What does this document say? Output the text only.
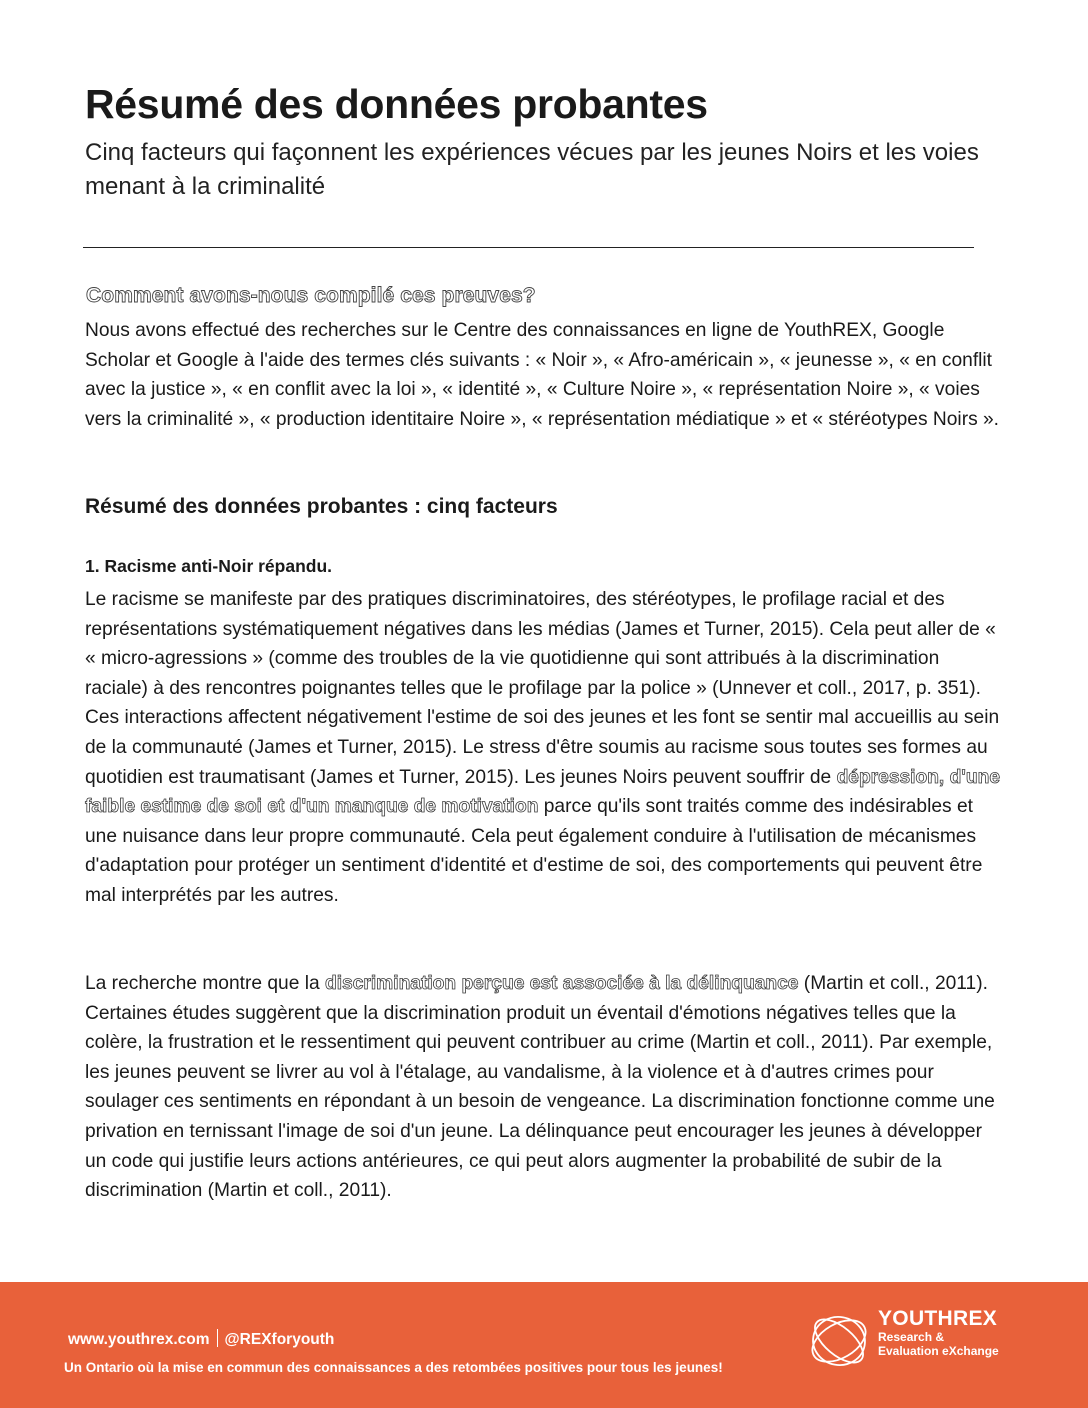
Résumé des données probantes

Cinq facteurs qui façonnent les expériences vécues par les jeunes Noirs et les voies menant à la criminalité

Comment avons-nous compilé ces preuves?

Nous avons effectué des recherches sur le Centre des connaissances en ligne de YouthREX, Google Scholar et Google à l'aide des termes clés suivants : « Noir », « Afro-américain », « jeunesse », « en conflit avec la justice », « en conflit avec la loi », « identité », « Culture Noire », « représentation Noire », « voies vers la criminalité », « production identitaire Noire », « représentation médiatique » et « stéréotypes Noirs ».

Résumé des données probantes : cinq facteurs
1. Racisme anti-Noir répandu.

Le racisme se manifeste par des pratiques discriminatoires, des stéréotypes, le profilage racial et des représentations systématiquement négatives dans les médias (James et Turner, 2015). Cela peut aller de « « micro-agressions » (comme des troubles de la vie quotidienne qui sont attribués à la discrimination raciale) à des rencontres poignantes telles que le profilage par la police » (Unnever et coll., 2017, p. 351). Ces interactions affectent négativement l'estime de soi des jeunes et les font se sentir mal accueillis au sein de la communauté (James et Turner, 2015). Le stress d'être soumis au racisme sous toutes ses formes au quotidien est traumatisant (James et Turner, 2015). Les jeunes Noirs peuvent souffrir de dépression, d'une faible estime de soi et d'un manque de motivation parce qu'ils sont traités comme des indésirables et une nuisance dans leur propre communauté. Cela peut également conduire à l'utilisation de mécanismes d'adaptation pour protéger un sentiment d'identité et d'estime de soi, des comportements qui peuvent être mal interprétés par les autres.

La recherche montre que la discrimination perçue est associée à la délinquance (Martin et coll., 2011). Certaines études suggèrent que la discrimination produit un éventail d'émotions négatives telles que la colère, la frustration et le ressentiment qui peuvent contribuer au crime (Martin et coll., 2011). Par exemple, les jeunes peuvent se livrer au vol à l'étalage, au vandalisme, à la violence et à d'autres crimes pour soulager ces sentiments en répondant à un besoin de vengeance. La discrimination fonctionne comme une privation en ternissant l'image de soi d'un jeune. La délinquance peut encourager les jeunes à développer un code qui justifie leurs actions antérieures, ce qui peut alors augmenter la probabilité de subir de la discrimination (Martin et coll., 2011).

www.youthrex.com @REXforyouth
Un Ontario où la mise en commun des connaissances a des retombées positives pour tous les jeunes!
YOUTHREX
Research &
Evaluation eXchange
